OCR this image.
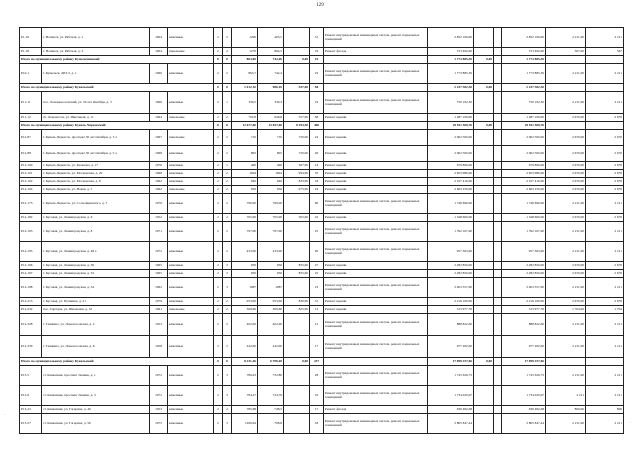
129
P1-16	г. Нолинск, ул. Рябочая, д. 1	1904	каменные	2	2	1290	405,5		31	Ремонт внутридомовых инженерных систем, ремонт подвальных помещений	2 852 190,00			2 852 190,00	2 211,00	2 211
P1-18	г. Нолинск, ул. Рябочая, д. 3	1904	панельные	2	2	1270	864,5		19	Ремонт фасада	723 492,00			723 492,00	567,00	567
Итого по муниципальному району Кумельчинский:				0	0	863,00	742,40	0,00	19		1 773 885,30	0,00		1 773 885,30		
P10-1	г. Кумельск, ДРЗ-3, д. 1	1966	каменные	2	2	863,7	742,4		19	Ремонт внутридомовых инженерных систем, ремонт подвальных помещений	1 773 885,30			1 773 885,30	2 211,00	2 211
Итого по муниципальному району Кувельский:				0	0	1 012,10	986,10	557,00	58		2 237 382,30	0,00		2 237 382,30		
P11-11	пос. Ломомоносовский, ул. 50 лет Октября, д. 3	1966	каменные	2	1	339,5	339,3		19	Ремонт внутридомовых инженерных систем, ремонт подвальных помещений	750 192,30			750 192,30	2 211,00	2 211
P11-12	гп. Ломоносов, ул. Школьная, д. 11	1964	панельные	2	2	702,8	646,8	557,00	38	Ремонт крыши	1 487 190,00			1 487 190,00	2 670,00	2 670
Итого по муниципальному району Кувель-Черкасский:				0	0	12 677,00	12 657,00	8 294,50	460		29 811 568,76	0,00		29 811 568,76		
P12-87	г. Кувель-Черкасск, проспект 50 лет Октября, д. 3 а	1967	панельные	2	2	710	710	750,00	24	Ремонт крыши	2 002 500,00			2 002 500,00	2 670,00	2 670
P12-88	г. Кувель-Черкасск, проспект 50 лет Октября, д. 5 а	1968	каменные	2	2	805	805	750,00	26	Ремонт крыши	2 002 500,00			2 002 500,00	2 670,00	2 670
P12-100	г. Кувель-Черкасск, ул. Казакова, д. 17	1976	каменные	2	1	400	400	367,00	14	Ремонт крыши	979 890,00			979 890,00	2 670,00	2 670
P12-101	г. Кувель-Черкасск, ул. Московская, д. 20	1968	каменные	2	2	1004	1004	994,00	35	Ремонт крыши	2 653 980,00			2 653 980,00	2 670,00	2 670
P12-102	г. Кувель-Черкасск, ул. Московская, д. 8	1962	каменные	2	2	940	940	823,00	18	Ремонт крыши	2 197 410,00			2 197 410,00	2 670,00	2 670
P12-104	г. Кувель-Черкасск, ул. Новая, д. 7	1962	панельные	2	2	956	956	975,00	24	Ремонт крыши	2 603 250,00			2 603 250,00	2 670,00	2 670
P12-173	г. Кувель-Черкасск, ул. Сосновцинского, д. 7	1976	каменные	2	2	790,00	790,00		60	Ремонт внутридомовых инженерных систем, ремонт подвальных помещений	1 746 690,00			1 746 690,00	2 211,00	2 211
P12-182	г. Кусовая, ул. Ленинградская, д. 6	1952	каменные	2	2	705,00	705,00	505,00	22	Ремонт крыши	1 348 600,00			1 348 600,00	2 670,00	2 670
P12-193	г. Кусовая, ул. Ленинградская, д. 8	1971	каменные	2	2	797,00	797,00		25	Ремонт внутридомовых инженерных систем, ремонт подвальных помещений	1 762 167,00			1 762 167,00	2 211,00	2 211
P12-195	г. Кусовая, ул. Ленинградская, д. 48 а	1972	каменные	2	2	433,00	433,00		20	Ремонт внутридомовых инженерных систем, ремонт подвальных помещений	957 363,00			957 363,00	2 211,00	2 211
P12-196	г. Кусовая, ул. Ленинградская, д. 30	1965	каменные	2	3	956	956	855,00	27	Ремонт крыши	2 282 850,00			2 282 850,00	2 670,00	2 670
P12-197	г. Кусовая, ул. Ленинградская, д. 32	1965	каменные	2	3	950	950	855,00	25	Ремонт крыши	2 282 850,00			2 282 850,00	2 670,00	2 670
P12-198	г. Кусовая, ул. Ленинградская, д. 34	1992	каменные	2	3	1087	1087		23	Ремонт внутридомовых инженерных систем, ремонт подвальных помещений	2 403 357,00			2 403 357,00	2 211,00	2 211
P12-213	г. Кусовая, ул. Пушкина, д. 21	1979	каменные	2	2	953,00	953,00	830,00	31	Ремонт крыши	2 216 100,00			2 216 100,00	2 670,00	2 670
P12-232	пос. Сарторы, ул. Школьная, д. 32	1991	панельные	2	2	309,60	309,60	825,00	12	Ремонт крыши	313 977,76			313 977,76	1 704,00	1 704
P12-328	г. Ташкино, ул. Ломоносовская, д. 2	1953	каменные	2	2	402,00	402,00		21	Ремонт внутридомовых инженерных систем, ремонт подвальных помещений	888 822,00			888 822,00	2 211,00	2 211
P12-330	г. Ташкино, ул. Ломоносовская, д. 6	1958	каменные	2	2	442,00	442,00		17	Ремонт внутридомовых инженерных систем, ремонт подвальных помещений	977 262,00			977 262,00	2 211,00	2 211
Итого по муниципальному району Кувельский:				0	0	8 231,46	6 708,40	0,00	237		17 098 257,66	0,00		17 098 257,66		
P13-5	ст. Кавказник, проспект Ленина, д. 1	1972	каменные	2	3	789,43	732,80		28	Ремонт внутридомовых инженерных систем, ремонт подвальных помещений	1 745 629,73			1 745 629,73	2 211,00	2 211
P13-6	ст. Кавказник, проспект Ленина, д. 3	1972	каменные	2	3	784,27	724,79		16	Ремонт внутридомовых инженерных систем, ремонт подвальных помещений	1 734 020,97			1 734 020,97	2 211	2 211
P13-23	ст. Кавказник, ул. Гагарина, д. 49	1953	каменные	2	2	785,68	748,5		17	Ремонт фасада	636 482,08			636 482,08	806,00	806
P13-27	ст. Кавказник, ул. Гагарина, д. 56	1975	каменные	2	3	1269,94	708,8		18	Ремонт внутридомовых инженерных систем, ремонт подвальных помещений	2 805 847,44			2 805 847,44	2 211,00	2 211
·
·
